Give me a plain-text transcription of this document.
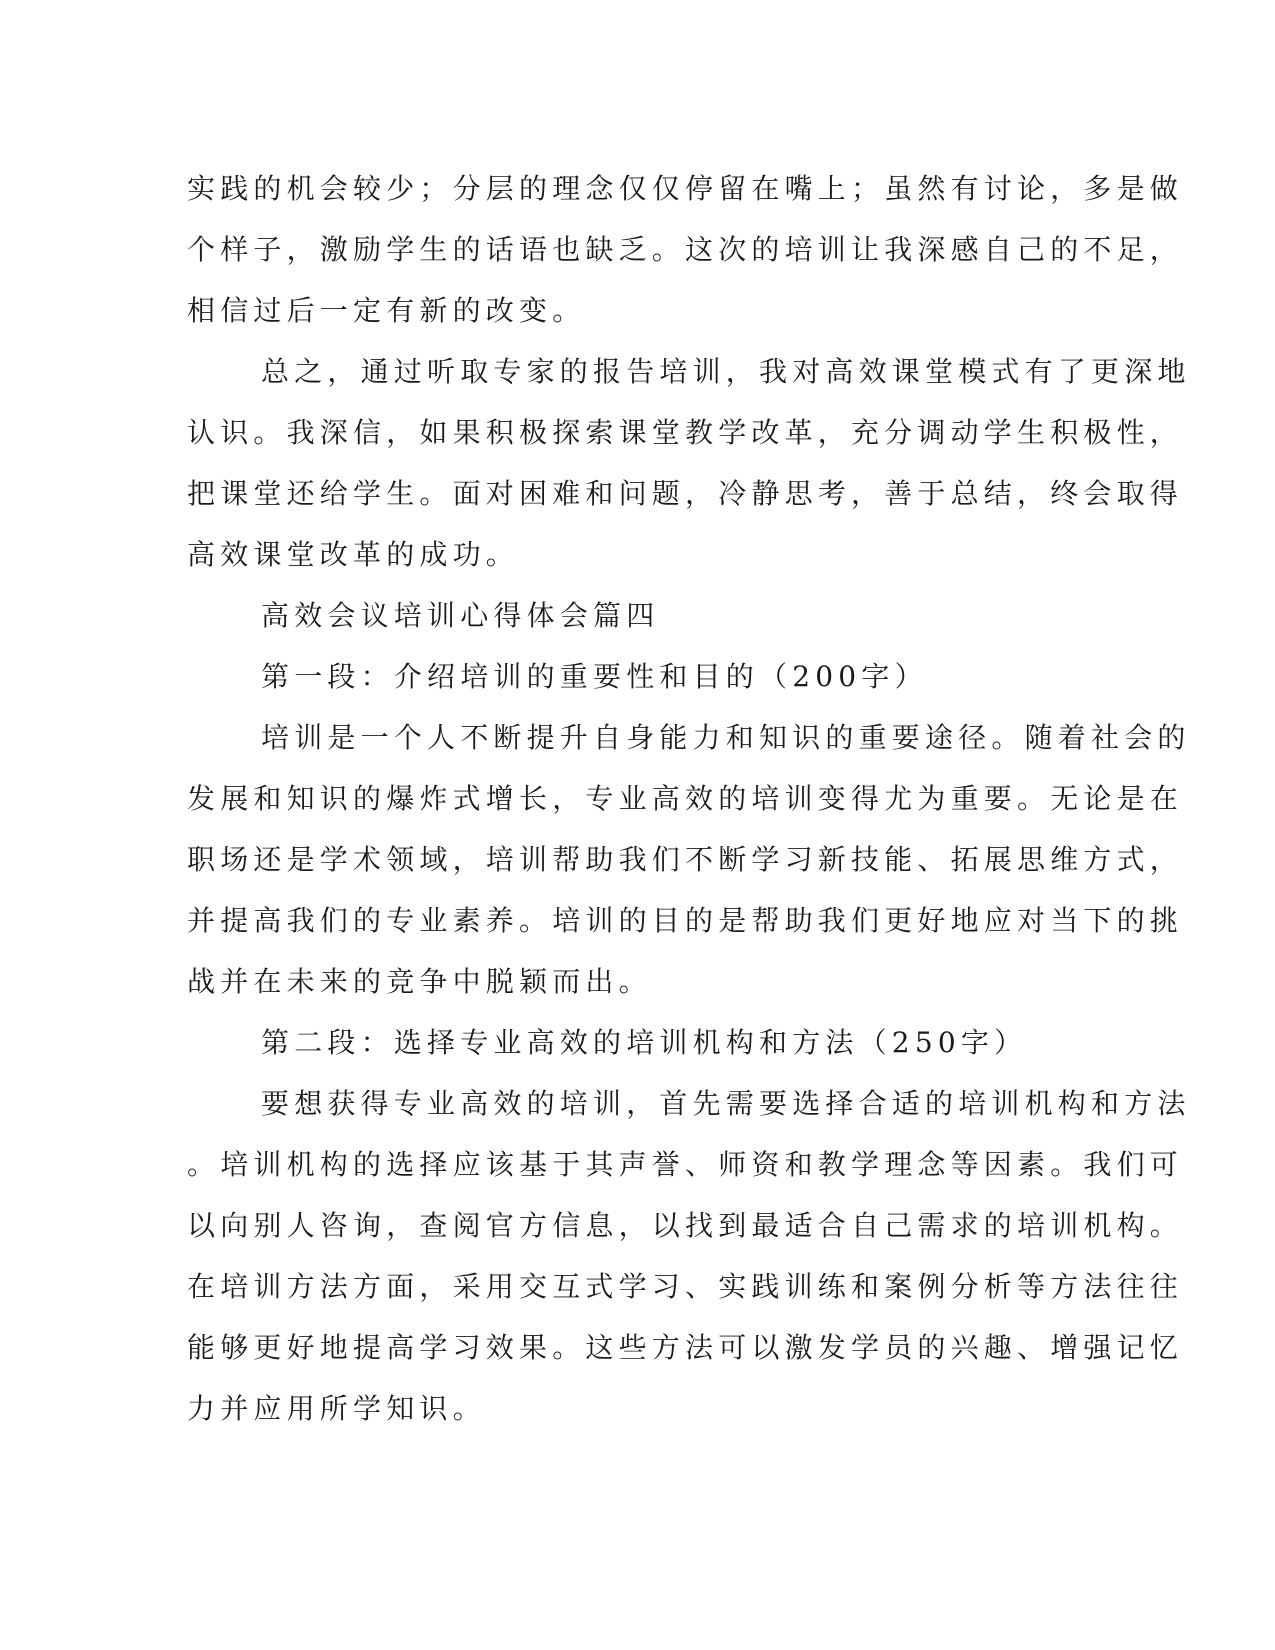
实践的机会较少；分层的理念仅仅停留在嘴上；虽然有讨论，多是做
个样子，激励学生的话语也缺乏。这次的培训让我深感自己的不足，
相信过后一定有新的改变。
总之，通过听取专家的报告培训，我对高效课堂模式有了更深地
认识。我深信，如果积极探索课堂教学改革，充分调动学生积极性，
把课堂还给学生。面对困难和问题，冷静思考，善于总结，终会取得
高效课堂改革的成功。
高效会议培训心得体会篇四
第一段：介绍培训的重要性和目的（200字）
培训是一个人不断提升自身能力和知识的重要途径。随着社会的
发展和知识的爆炸式增长，专业高效的培训变得尤为重要。无论是在
职场还是学术领域，培训帮助我们不断学习新技能、拓展思维方式，
并提高我们的专业素养。培训的目的是帮助我们更好地应对当下的挑
战并在未来的竞争中脱颖而出。
第二段：选择专业高效的培训机构和方法（250字）
要想获得专业高效的培训，首先需要选择合适的培训机构和方法
。培训机构的选择应该基于其声誉、师资和教学理念等因素。我们可
以向别人咨询，查阅官方信息，以找到最适合自己需求的培训机构。
在培训方法方面，采用交互式学习、实践训练和案例分析等方法往往
能够更好地提高学习效果。这些方法可以激发学员的兴趣、增强记忆
力并应用所学知识。
